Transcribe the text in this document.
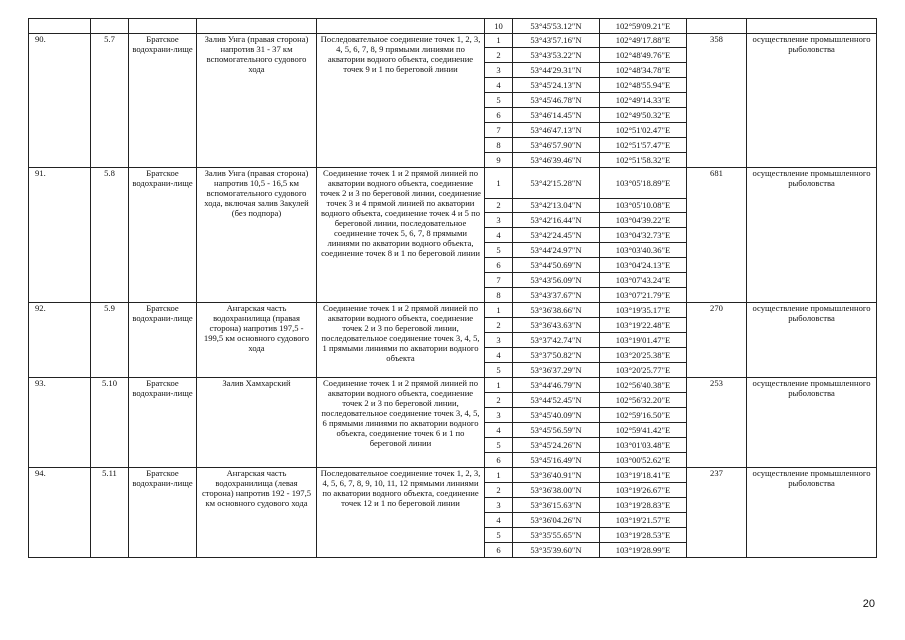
					10	53°45'53.12"N	102°59'09.21"E		
90.	5.7	Братское водохрани-лище	Залив Унга (правая сторона) напротив 31 - 37 км вспомогательного судового хода	Последовательное соединение точек 1, 2, 3, 4, 5, 6, 7, 8, 9 прямыми линиями по акватории водного объекта, соединение точек 9 и 1 по береговой линии	1	53°43'57.16"N	102°49'17.88"E	358	осуществление промышленного рыболовства
					2	53°43'53.22"N	102°48'49.76"E		
					3	53°44'29.31"N	102°48'34.78"E		
					4	53°45'24.13"N	102°48'55.94"E		
					5	53°45'46.78"N	102°49'14.33"E		
					6	53°46'14.45"N	102°49'50.32"E		
					7	53°46'47.13"N	102°51'02.47"E		
					8	53°46'57.90"N	102°51'57.47"E		
					9	53°46'39.46"N	102°51'58.32"E		
91.	5.8	Братское водохрани-лище	Залив Унга (правая сторона) напротив 10,5 - 16,5 км вспомогательного судового хода, включая залив Закулей (без подпора)	Соединение точек 1 и 2 прямой линией по акватории водного объекта, соединение точек 2 и 3 по береговой линии, соединение точек 3 и 4 прямой линией по акватории водного объекта, соединение точек 4 и 5 по береговой линии, последовательное соединение точек 5, 6, 7, 8 прямыми линиями по акватории водного объекта, соединение точек 8 и 1 по береговой линии	1	53°42'15.28"N	103°05'18.89"E	681	осуществление промышленного рыболовства
					2	53°42'13.04"N	103°05'10.08"E		
					3	53°42'16.44"N	103°04'39.22"E		
					4	53°42'24.45"N	103°04'32.73"E		
					5	53°44'24.97"N	103°03'40.36"E		
					6	53°44'50.69"N	103°04'24.13"E		
					7	53°43'56.09"N	103°07'43.24"E		
					8	53°43'37.67"N	103°07'21.79"E		
92.	5.9	Братское водохрани-лище	Ангарская часть водохранилища (правая сторона) напротив 197,5 - 199,5 км основного судового хода	Соединение точек 1 и 2 прямой линией по акватории водного объекта, соединение точек 2 и 3 по береговой линии, последовательное соединение точек 3, 4, 5, 1 прямыми линиями по акватории водного объекта	1	53°36'38.66"N	103°19'35.17"E	270	осуществление промышленного рыболовства
					2	53°36'43.63"N	103°19'22.48"E		
					3	53°37'42.74"N	103°19'01.47"E		
					4	53°37'50.82"N	103°20'25.38"E		
					5	53°36'37.29"N	103°20'25.77"E		
93.	5.10	Братское водохрани-лище	Залив Хамхарский	Соединение точек 1 и 2 прямой линией по акватории водного объекта, соединение точек 2 и 3 по береговой линии, последовательное соединение точек 3, 4, 5, 6 прямыми линиями по акватории водного объекта, соединение точек 6 и 1 по береговой линии	1	53°44'46.79"N	102°56'40.38"E	253	осуществление промышленного рыболовства
					2	53°44'52.45"N	102°56'32.20"E		
					3	53°45'40.09"N	102°59'16.50"E		
					4	53°45'56.59"N	102°59'41.42"E		
					5	53°45'24.26"N	103°01'03.48"E		
					6	53°45'16.49"N	103°00'52.62"E		
94.	5.11	Братское водохрани-лище	Ангарская часть водохранилища (левая сторона) напротив 192 - 197,5 км основного судового хода	Последовательное соединение точек 1, 2, 3, 4, 5, 6, 7, 8, 9, 10, 11, 12 прямыми линиями по акватории водного объекта, соединение точек 12 и 1 по береговой линии	1	53°36'40.91"N	103°19'18.41"E	237	осуществление промышленного рыболовства
					2	53°36'38.00"N	103°19'26.67"E		
					3	53°36'15.63"N	103°19'28.83"E		
					4	53°36'04.26"N	103°19'21.57"E		
					5	53°35'55.65"N	103°19'28.53"E		
					6	53°35'39.60"N	103°19'28.99"E		
20
